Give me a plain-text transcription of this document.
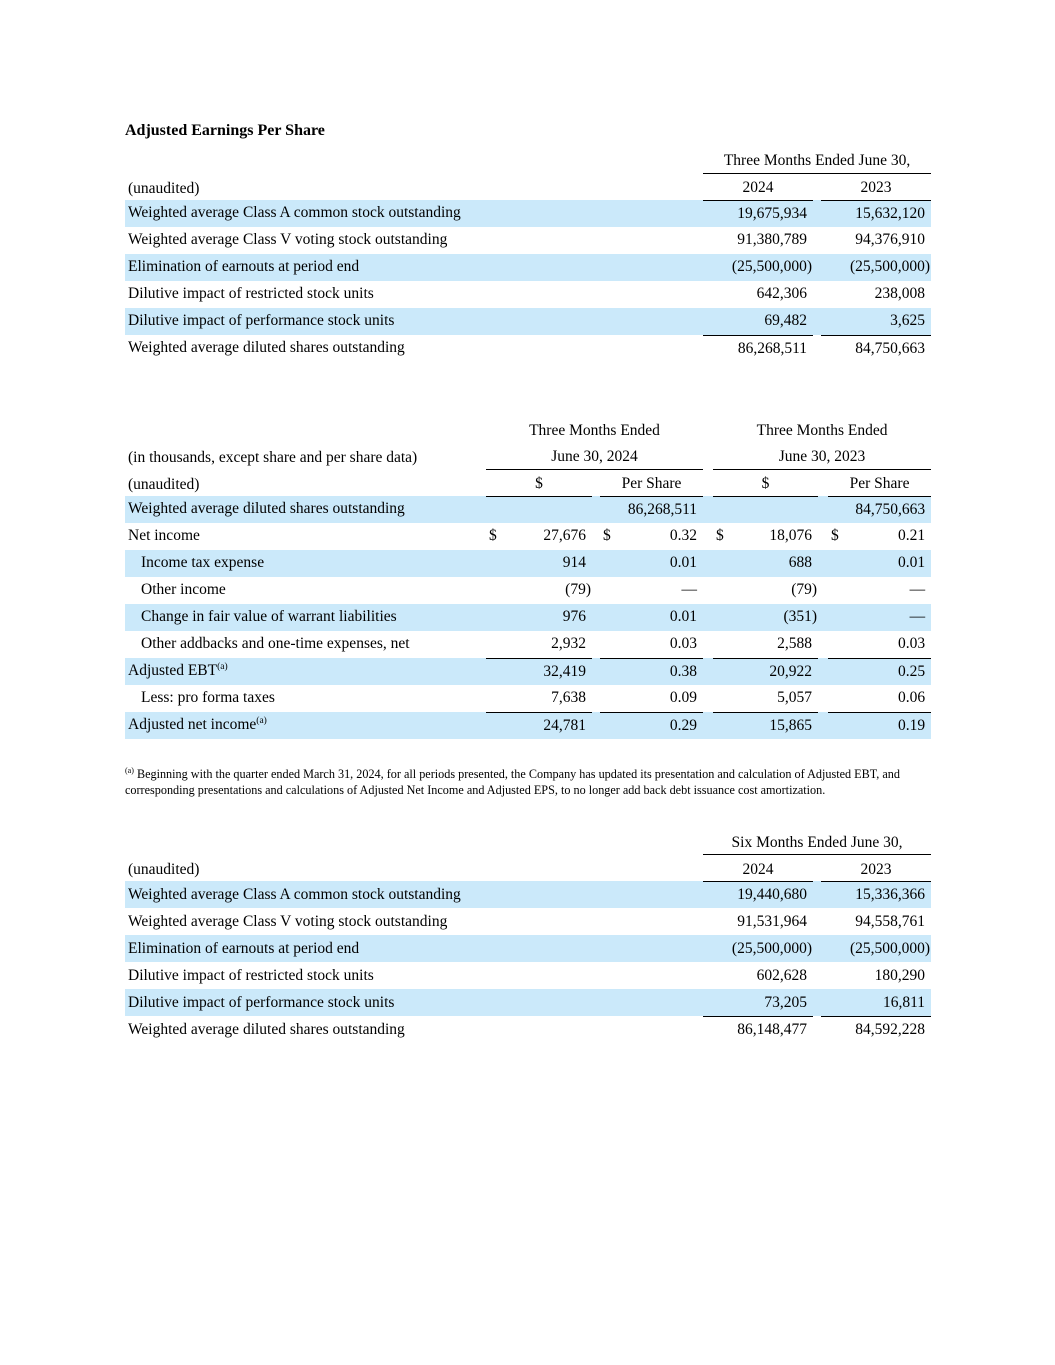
Adjusted Earnings Per Share
	Three Months Ended June 30,		
(unaudited)	2024		2023
Weighted average Class A common stock outstanding	19,675,934		15,632,120
Weighted average Class V voting stock outstanding	91,380,789		94,376,910
Elimination of earnouts at period end	(25,500,000)		(25,500,000)
Dilutive impact of restricted stock units	642,306		238,008
Dilutive impact of performance stock units	69,482		3,625
Weighted average diluted shares outstanding	86,268,511		84,750,663
	Three Months Ended				Three Months Ended		
(in thousands, except share and per share data)	June 30, 2024				June 30, 2023		
(unaudited)	$		Per Share		$		Per Share
Weighted average diluted shares outstanding			86,268,511				84,750,663
Net income	$ 27,676		$ 0.32		$ 18,076		$ 0.21
Income tax expense	914		0.01		688		0.01
Other income	(79)		—		(79)		—
Change in fair value of warrant liabilities	976		0.01		(351)		—
Other addbacks and one-time expenses, net	2,932		0.03		2,588		0.03
Adjusted EBT$^{(a)}$	32,419		0.38		20,922		0.25
Less: pro forma taxes	7,638		0.09		5,057		0.06
Adjusted net income$^{(a)}$	24,781		0.29		15,865		0.19

$^{(a)}$ Beginning with the quarter ended March 31, 2024, for all periods presented, the Company has updated its presentation and calculation of Adjusted EBT, and corresponding presentations and calculations of Adjusted Net Income and Adjusted EPS, to no longer add back debt issuance cost amortization.

	Six Months Ended June 30,		
(unaudited)	2024		2023
Weighted average Class A common stock outstanding	19,440,680		15,336,366
Weighted average Class V voting stock outstanding	91,531,964		94,558,761
Elimination of earnouts at period end	(25,500,000)		(25,500,000)
Dilutive impact of restricted stock units	602,628		180,290
Dilutive impact of performance stock units	73,205		16,811
Weighted average diluted shares outstanding	86,148,477		84,592,228
